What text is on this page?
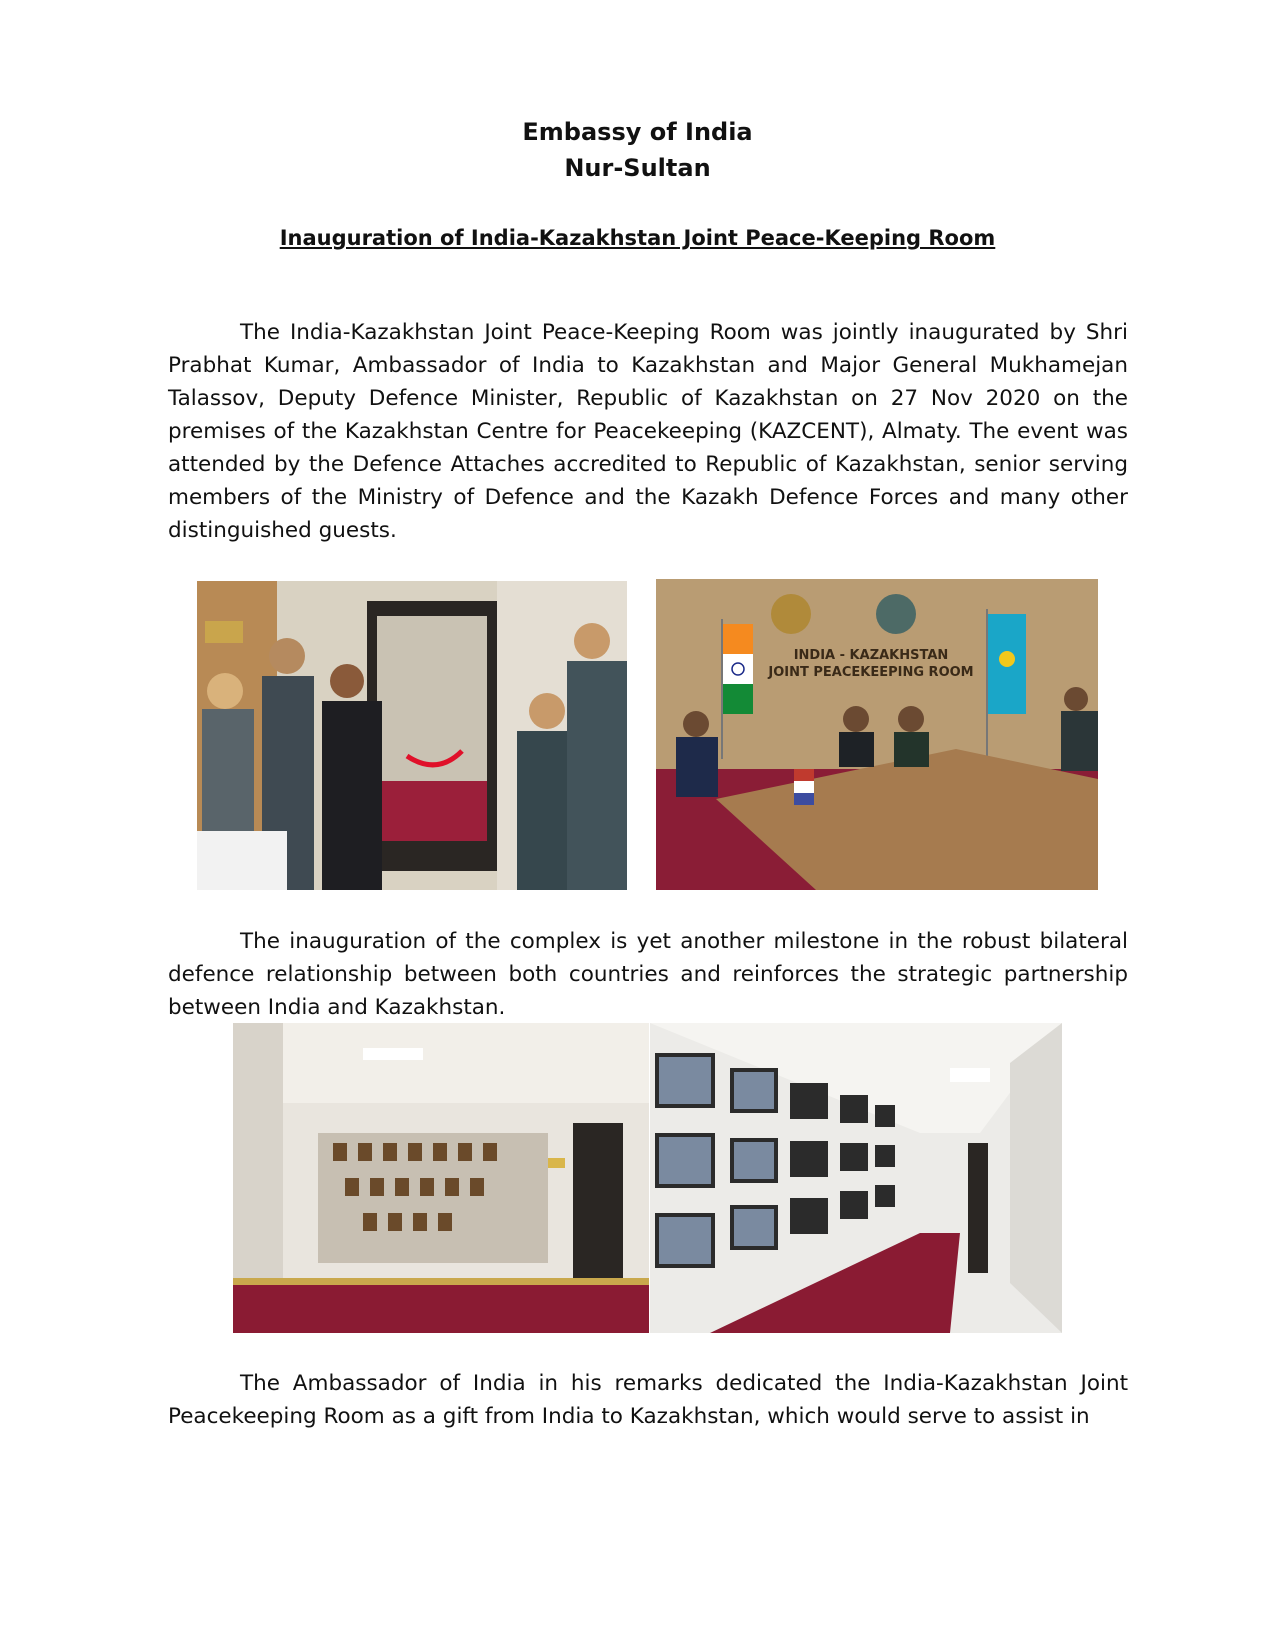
Embassy of India
Nur-Sultan
Inauguration of India-Kazakhstan Joint Peace-Keeping Room

The India-Kazakhstan Joint Peace-Keeping Room was jointly inaugurated by Shri Prabhat Kumar, Ambassador of India to Kazakhstan and Major General Mukhamejan Talassov, Deputy Defence Minister, Republic of Kazakhstan on 27 Nov 2020 on the premises of the Kazakhstan Centre for Peacekeeping (KAZCENT), Almaty. The event was attended by the Defence Attaches accredited to Republic of Kazakhstan, senior serving members of the Ministry of Defence and the Kazakh Defence Forces and many other distinguished guests.

INDIA - KAZAKHSTAN
JOINT PEACEKEEPING ROOM

The inauguration of the complex is yet another milestone in the robust bilateral defence relationship between both countries and reinforces the strategic partnership between India and Kazakhstan.

The Ambassador of India in his remarks dedicated the India-Kazakhstan Joint Peacekeeping Room as a gift from India to Kazakhstan, which would serve to assist in
